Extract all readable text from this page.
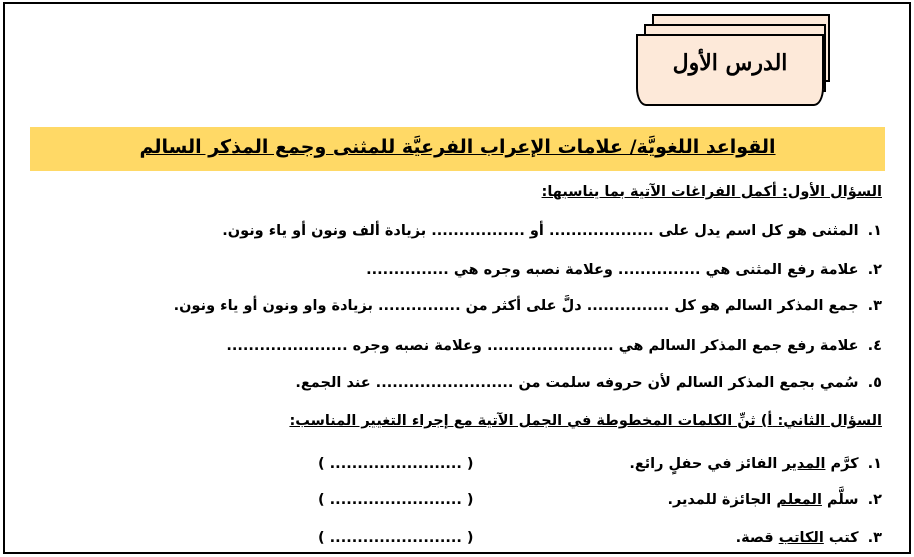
الدرس الأول
القواعد اللغويَّة/ علامات الإعراب الفرعيَّة للمثنى وجمع المذكر السالم
السؤال الأول: أكمل الفراغات الآتية بما يناسبها:
١. المثنى هو كل اسم يدل على ................... أو ................. بزيادة ألف ونون أو ياء ونون.
٢. علامة رفع المثنى هي ............... وعلامة نصبه وجره هي ...............
٣. جمع المذكر السالم هو كل ............... دلَّ على أكثر من ............... بزيادة واو ونون أو ياء ونون.
٤. علامة رفع جمع المذكر السالم هي ....................... وعلامة نصبه وجره ......................
٥. سُمي بجمع المذكر السالم لأن حروفه سلمت من ......................... عند الجمع.
السؤال الثاني: أ) ثنِّ الكلمات المخطوطة في الجمل الآتية مع إجراء التغيير المناسب:
١. كرَّم المدير الفائز في حفلٍ رائع.
( ........................ )
٢. سلَّم المعلم الجائزة للمدير.
( ........................ )
٣. كتب الكاتب قصة.
( ........................ )
